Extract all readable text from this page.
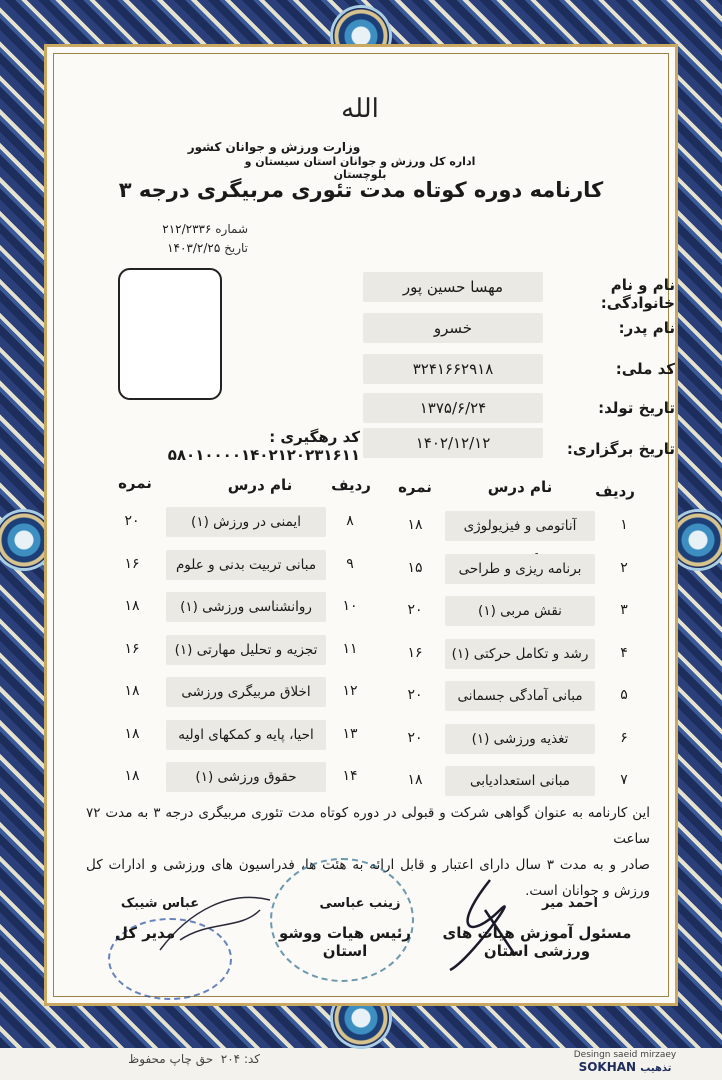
الله
وزارت ورزش و جوانان کشور
اداره کل ورزش و جوانان استان سیستان و بلوچستان
کارنامه دوره کوتاه مدت تئوری مربیگری درجه ۳
شماره ۲۱۲/۲۳۳۶
تاریخ ۱۴۰۳/۲/۲۵
نام و نام خانوادگی:
مهسا حسین پور
نام پدر:
خسرو
کد ملی:
۳۲۴۱۶۶۲۹۱۸
تاریخ تولد:
۱۳۷۵/۶/۲۴
تاریخ برگزاری:
۱۴۰۲/۱۲/۱۲
کد رهگیری : ۵۸۰۱۰۰۰۰۱۴۰۲۱۲۰۲۳۱۶۱۱
ردیف
نام درس
نمره
ردیف
نام درس
نمره
۱
آناتومی و فیزیولوژی
۱۸
۲
برنامه ریزی و طراحی
۱۵
۳
نقش مربی (۱)
۲۰
۴
رشد و تکامل حرکتی (۱)
۱۶
۵
مبانی آمادگی جسمانی
۲۰
۶
تغذیه ورزشی (۱)
۲۰
۷
مبانی استعدادیابی
۱۸
۸
ایمنی در ورزش (۱)
۲۰
۹
مبانی تربیت بدنی و علوم
۱۶
۱۰
روانشناسی ورزشی (۱)
۱۸
۱۱
تجزیه و تحلیل مهارتی (۱)
۱۶
۱۲
اخلاق مربیگری ورزشی
۱۸
۱۳
احیا، پایه و کمکهای اولیه
۱۸
۱۴
حقوق ورزشی (۱)
۱۸
این کارنامه به عنوان گواهی شرکت و قبولی در دوره کوتاه مدت تئوری مربیگری درجه ۳ به مدت ۷۲ ساعت
صادر و به مدت ۳ سال دارای اعتبار و قابل ارائه به هئت ها، فدراسیون های ورزشی و ادارات کل ورزش و جوانان است.
احمد میر
مسئول آموزش هیات های ورزشی استان
زینب عباسی
رئیس هیات ووشو استان
عباس شیبک
مدیر کل
کد: ۲۰۴  حق چاپ محفوظ	Desingn saeid mirzaey
SOKHAN تذهیب
